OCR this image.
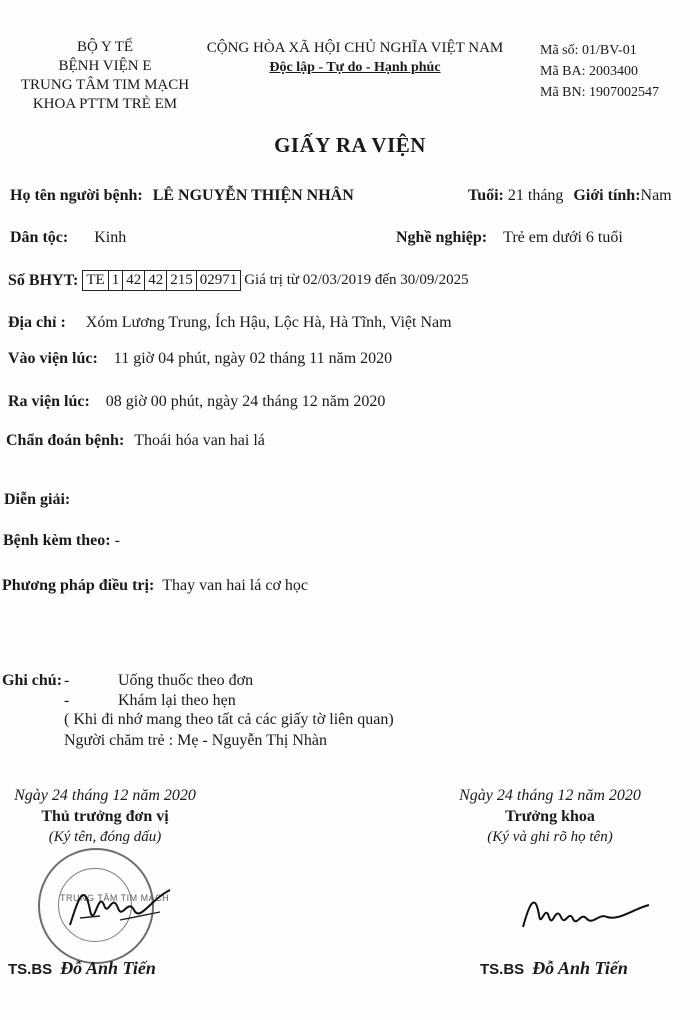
BỘ Y TẾ
BỆNH VIỆN E
TRUNG TÂM TIM MẠCH
KHOA PTTM TRẺ EM
CỘNG HÒA XÃ HỘI CHỦ NGHĨA VIỆT NAM
Độc lập - Tự do - Hạnh phúc
Mã số: 01/BV-01
Mã BA: 2003400
Mã BN: 1907002547
GIẤY RA VIỆN
Họ tên người bệnh: LÊ NGUYỄN THIỆN NHÂN	Tuổi: 21 tháng Giới tính:Nam
Dân tộc: Kinh	Nghề nghiệp: Trẻ em dưới 6 tuổi
Số BHYT: TE 1 42 42 215 02971 Giá trị từ 02/03/2019 đến 30/09/2025
Địa chỉ : Xóm Lương Trung, Ích Hậu, Lộc Hà, Hà Tĩnh, Việt Nam
Vào viện lúc: 11 giờ 04 phút, ngày 02 tháng 11 năm 2020
Ra viện lúc: 08 giờ 00 phút, ngày 24 tháng 12 năm 2020
Chẩn đoán bệnh: Thoái hóa van hai lá
Diễn giải:
Bệnh kèm theo: -
Phương pháp điều trị: Thay van hai lá cơ học
Ghi chú: -	Uống thuốc theo đơn
-	Khám lại theo hẹn
( Khi đi nhớ mang theo tất cả các giấy tờ liên quan)
Người chăm trẻ : Mẹ - Nguyễn Thị Nhàn
Ngày 24 tháng 12 năm 2020
Thủ trưởng đơn vị
(Ký tên, đóng dấu)
TRUNG TÂM TIM MẠCH
TS.BS Đỗ Anh Tiến
Ngày 24 tháng 12 năm 2020
Trưởng khoa
(Ký và ghi rõ họ tên)
TS.BS Đỗ Anh Tiến
